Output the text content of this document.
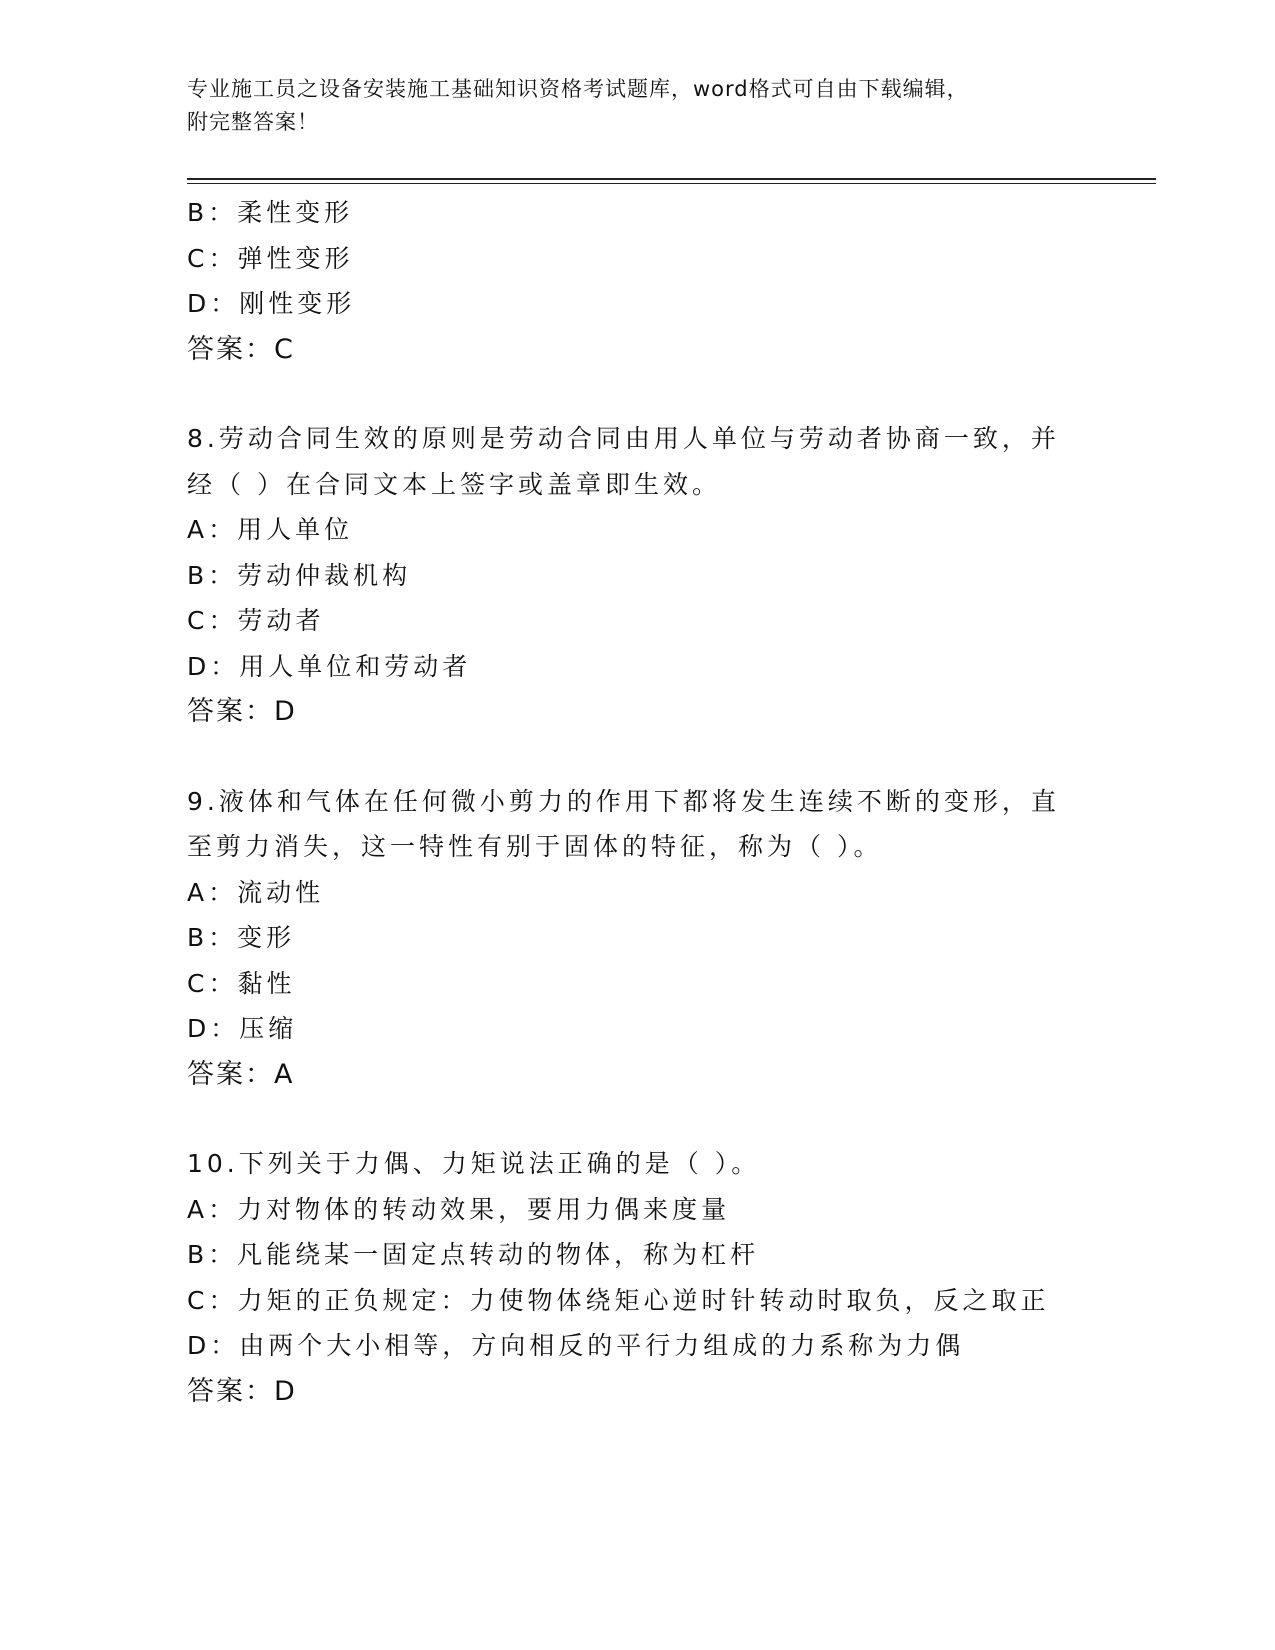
专业施工员之设备安装施工基础知识资格考试题库，word格式可自由下载编辑，
附完整答案！
B：柔性变形
C：弹性变形
D：刚性变形
答案：C
8.劳动合同生效的原则是劳动合同由用人单位与劳动者协商一致，并
经（ ）在合同文本上签字或盖章即生效。
A：用人单位
B：劳动仲裁机构
C：劳动者
D：用人单位和劳动者
答案：D
9.液体和气体在任何微小剪力的作用下都将发生连续不断的变形，直
至剪力消失，这一特性有别于固体的特征，称为（ ）。
A：流动性
B：变形
C：黏性
D：压缩
答案：A
10.下列关于力偶、力矩说法正确的是（ ）。
A：力对物体的转动效果，要用力偶来度量
B：凡能绕某一固定点转动的物体，称为杠杆
C：力矩的正负规定：力使物体绕矩心逆时针转动时取负，反之取正
D：由两个大小相等，方向相反的平行力组成的力系称为力偶
答案：D
